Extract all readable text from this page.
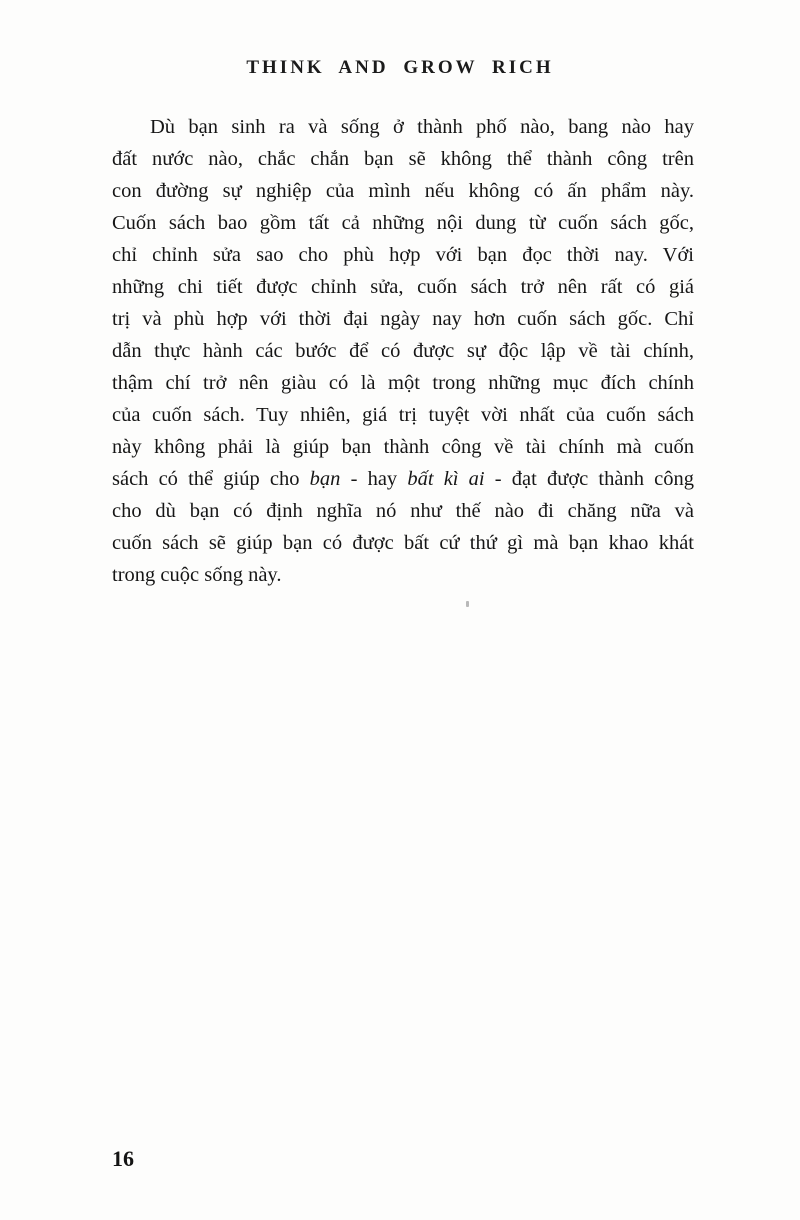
THINK AND GROW RICH
Dù bạn sinh ra và sống ở thành phố nào, bang nào hay
đất nước nào, chắc chắn bạn sẽ không thể thành công trên
con đường sự nghiệp của mình nếu không có ấn phẩm này.
Cuốn sách bao gồm tất cả những nội dung từ cuốn sách gốc,
chỉ chỉnh sửa sao cho phù hợp với bạn đọc thời nay. Với
những chi tiết được chỉnh sửa, cuốn sách trở nên rất có giá
trị và phù hợp với thời đại ngày nay hơn cuốn sách gốc. Chỉ
dẫn thực hành các bước để có được sự độc lập về tài chính,
thậm chí trở nên giàu có là một trong những mục đích chính
của cuốn sách. Tuy nhiên, giá trị tuyệt vời nhất của cuốn sách
này không phải là giúp bạn thành công về tài chính mà cuốn
sách có thể giúp cho bạn - hay bất kì ai - đạt được thành công
cho dù bạn có định nghĩa nó như thế nào đi chăng nữa và
cuốn sách sẽ giúp bạn có được bất cứ thứ gì mà bạn khao khát
trong cuộc sống này.
16
